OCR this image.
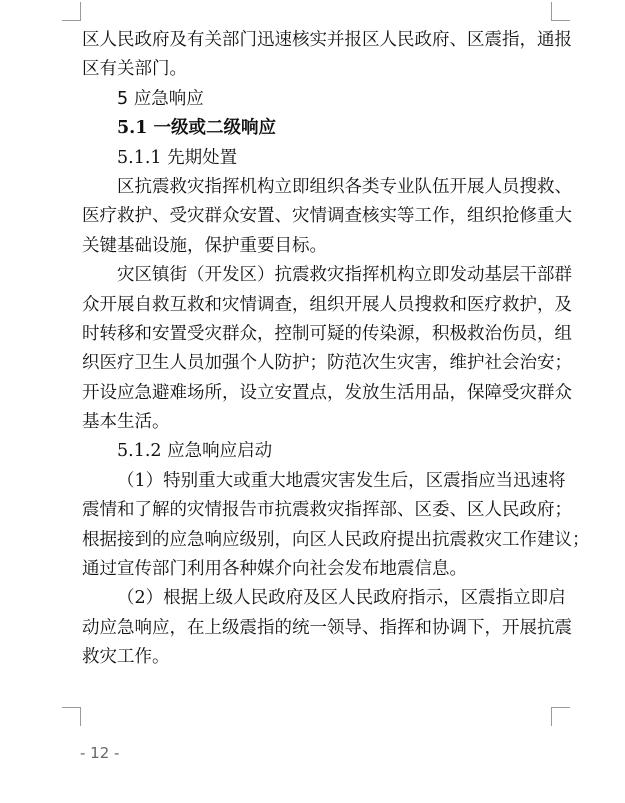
区人民政府及有关部门迅速核实并报区人民政府、区震指，通报
区有关部门。
5 应急响应
5.1 一级或二级响应
5.1.1 先期处置
区抗震救灾指挥机构立即组织各类专业队伍开展人员搜救、
医疗救护、受灾群众安置、灾情调查核实等工作，组织抢修重大
关键基础设施，保护重要目标。
灾区镇街（开发区）抗震救灾指挥机构立即发动基层干部群
众开展自救互救和灾情调查，组织开展人员搜救和医疗救护，及
时转移和安置受灾群众，控制可疑的传染源，积极救治伤员，组
织医疗卫生人员加强个人防护；防范次生灾害，维护社会治安；
开设应急避难场所，设立安置点，发放生活用品，保障受灾群众
基本生活。
5.1.2 应急响应启动
（1）特别重大或重大地震灾害发生后，区震指应当迅速将
震情和了解的灾情报告市抗震救灾指挥部、区委、区人民政府；
根据接到的应急响应级别，向区人民政府提出抗震救灾工作建议；
通过宣传部门利用各种媒介向社会发布地震信息。
（2）根据上级人民政府及区人民政府指示，区震指立即启
动应急响应，在上级震指的统一领导、指挥和协调下，开展抗震
救灾工作。
- 12 -
